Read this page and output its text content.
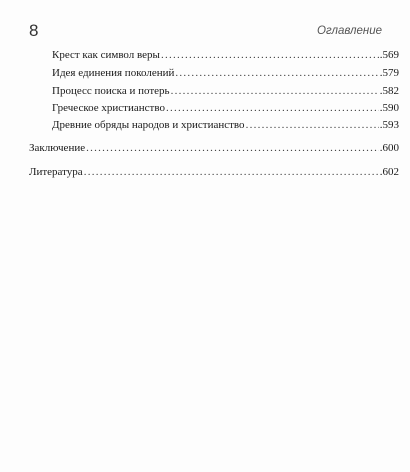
8	Оглавление
Крест как символ веры . . .	.569
Идея единения поколений . . .	.579
Процесс поиска и потерь . . .	.582
Греческое христианство . . .	.590
Древние обряды народов и христианство . . .	.593
Заключение . . .	.600
Литература . . .	.602
